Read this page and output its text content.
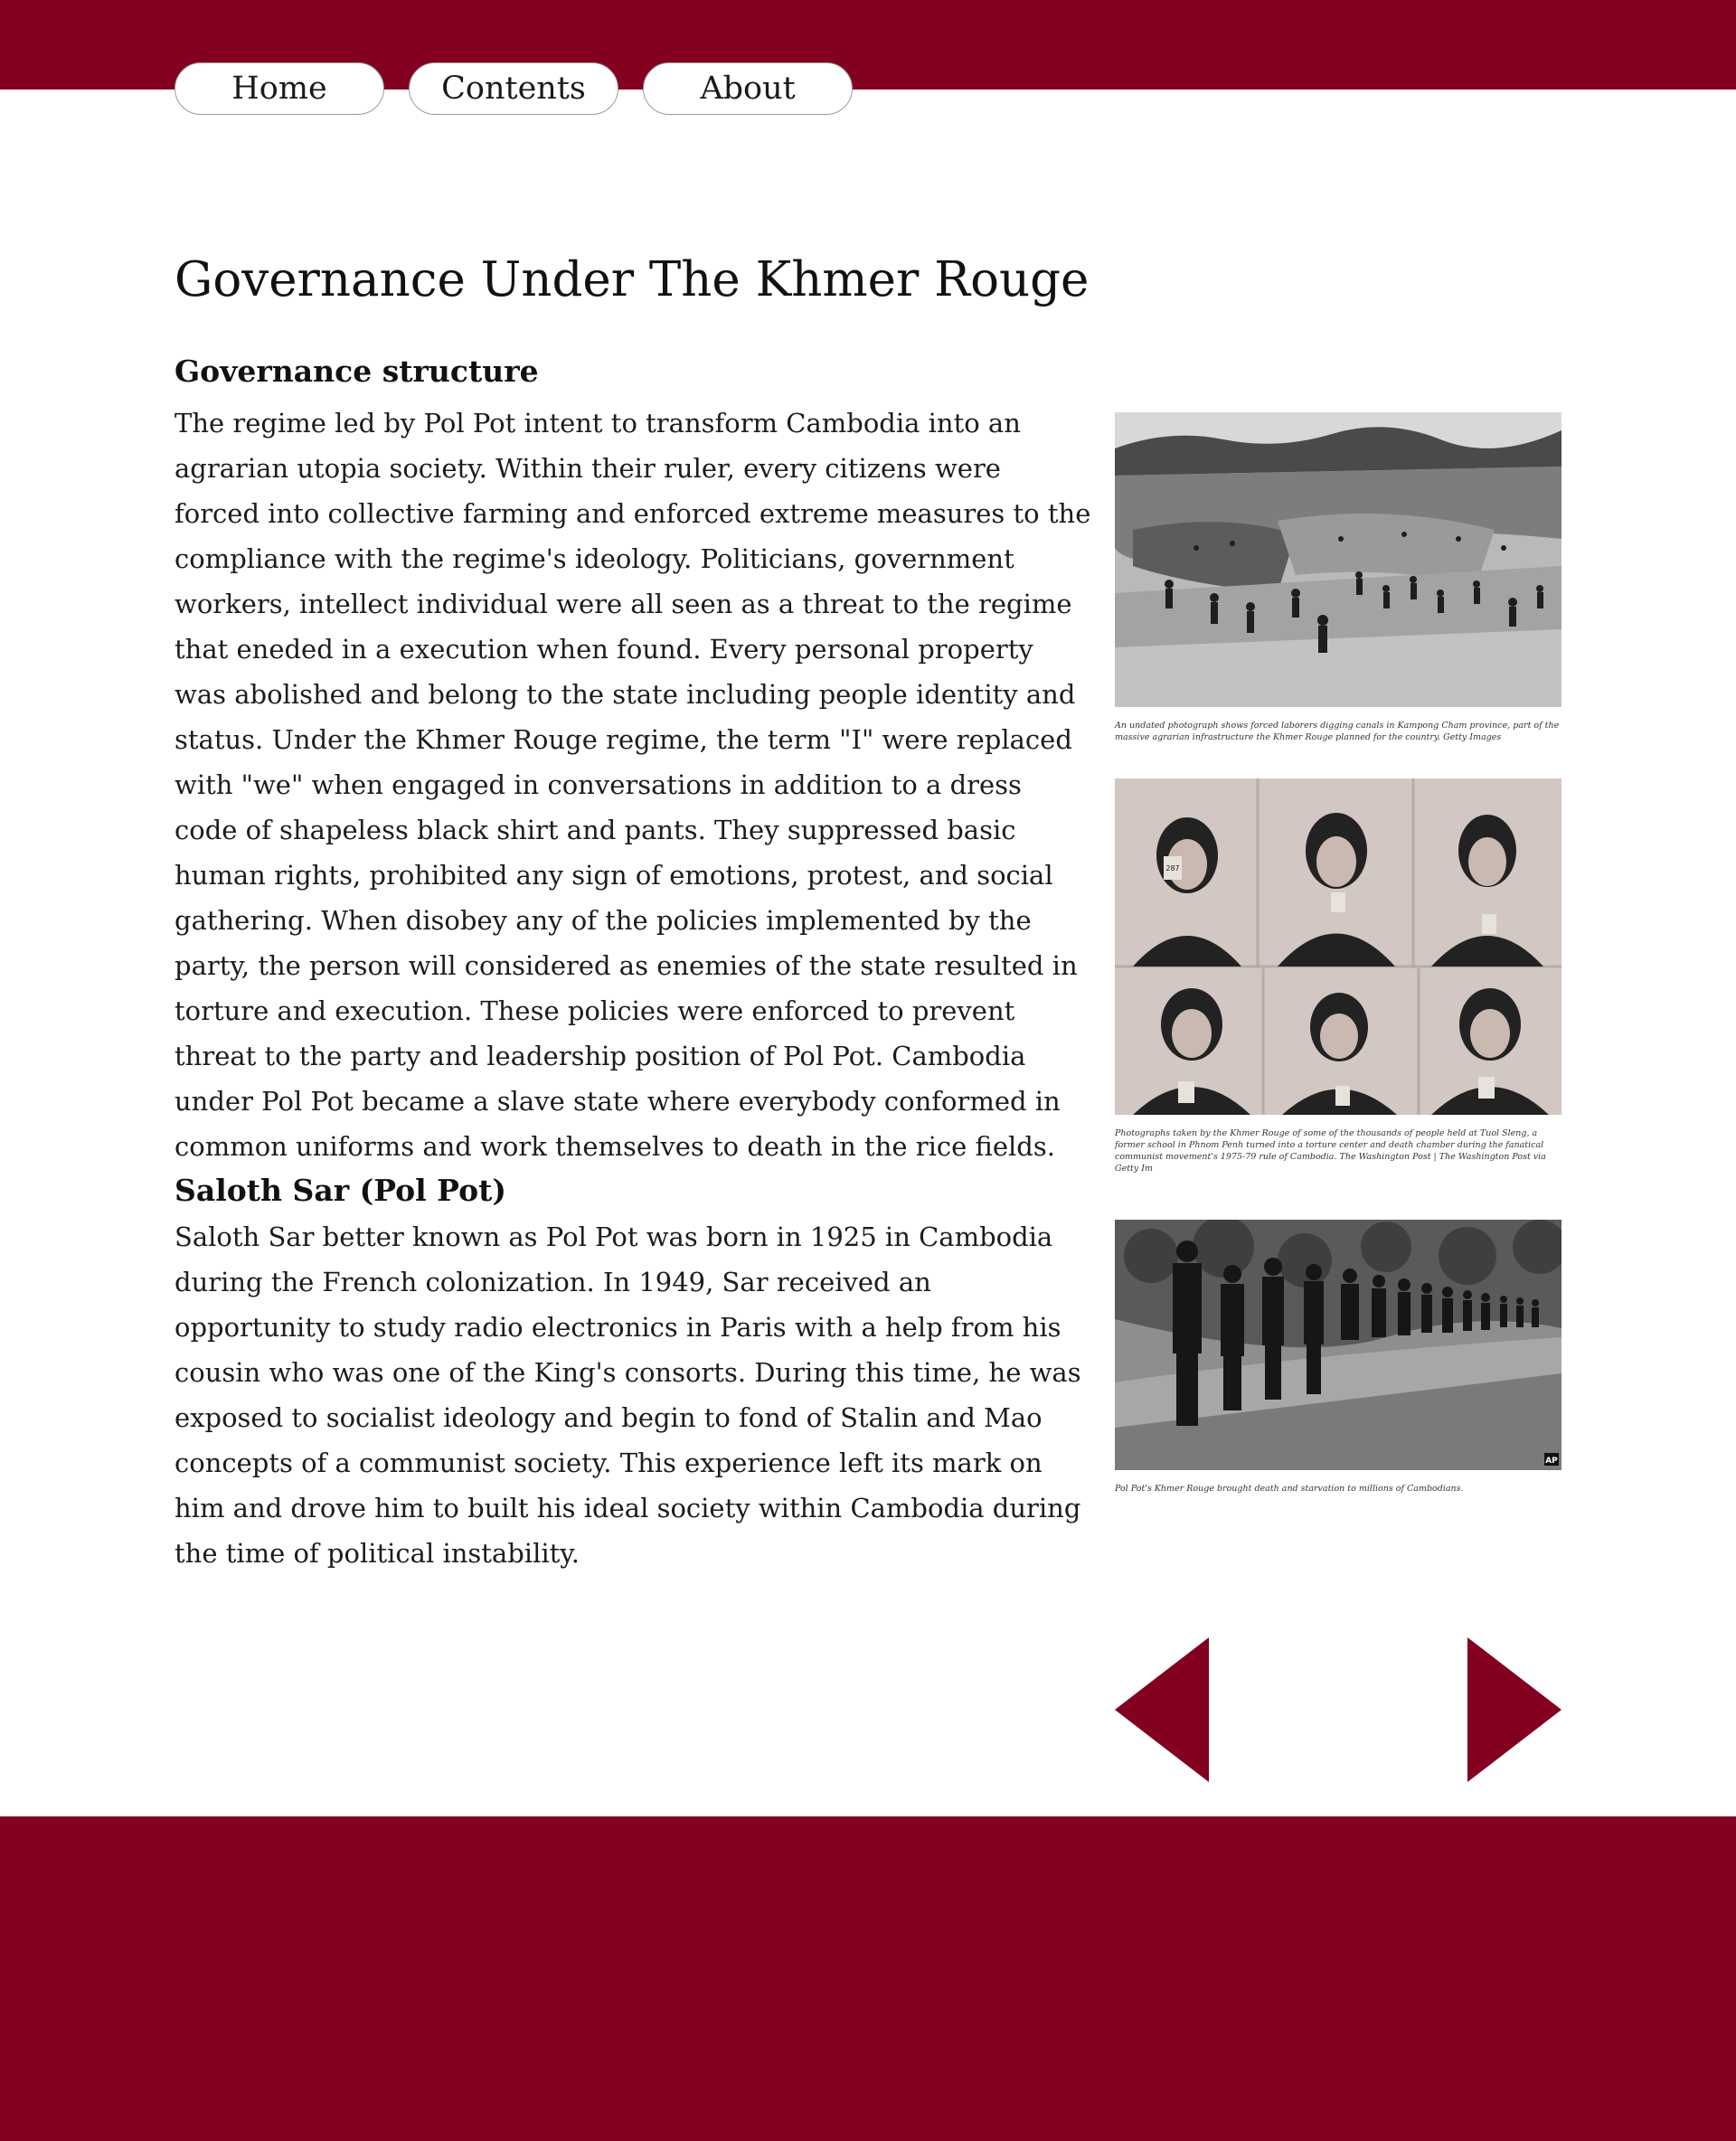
Home	Contents	About
Governance Under The Khmer Rouge
Governance structure

The regime led by Pol Pot intent to transform Cambodia into an agrarian utopia society. Within their ruler, every citizens were forced into collective farming and enforced extreme measures to the compliance with the regime's ideology. Politicians, government workers, intellect individual were all seen as a threat to the regime that eneded in a execution when found. Every personal property was abolished and belong to the state including people identity and status. Under the Khmer Rouge regime, the term "I" were replaced with "we" when engaged in conversations in addition to a dress code of shapeless black shirt and pants. They suppressed basic human rights, prohibited any sign of emotions, protest, and social gathering. When disobey any of the policies implemented by the party, the person will considered as enemies of the state resulted in torture and execution. These policies were enforced to prevent threat to the party and leadership position of Pol Pot. Cambodia under Pol Pot became a slave state where everybody conformed in common uniforms and work themselves to death in the rice fields.

Saloth Sar (Pol Pot)

Saloth Sar better known as Pol Pot was born in 1925 in Cambodia during the French colonization. In 1949, Sar received an opportunity to study radio electronics in Paris with a help from his cousin who was one of the King's consorts. During this time, he was exposed to socialist ideology and begin to fond of Stalin and Mao concepts of a communist society. This experience left its mark on him and drove him to built his ideal society within Cambodia during the time of political instability.

An undated photograph shows forced laborers digging canals in Kampong Cham province, part of the massive agrarian infrastructure the Khmer Rouge planned for the country. Getty Images
287
Photographs taken by the Khmer Rouge of some of the thousands of people held at Tuol Sleng, a former school in Phnom Penh turned into a torture center and death chamber during the fanatical communist movement's 1975-79 rule of Cambodia. The Washington Post | The Washington Post via Getty Im
AP
Pol Pot's Khmer Rouge brought death and starvation to millions of Cambodians.
